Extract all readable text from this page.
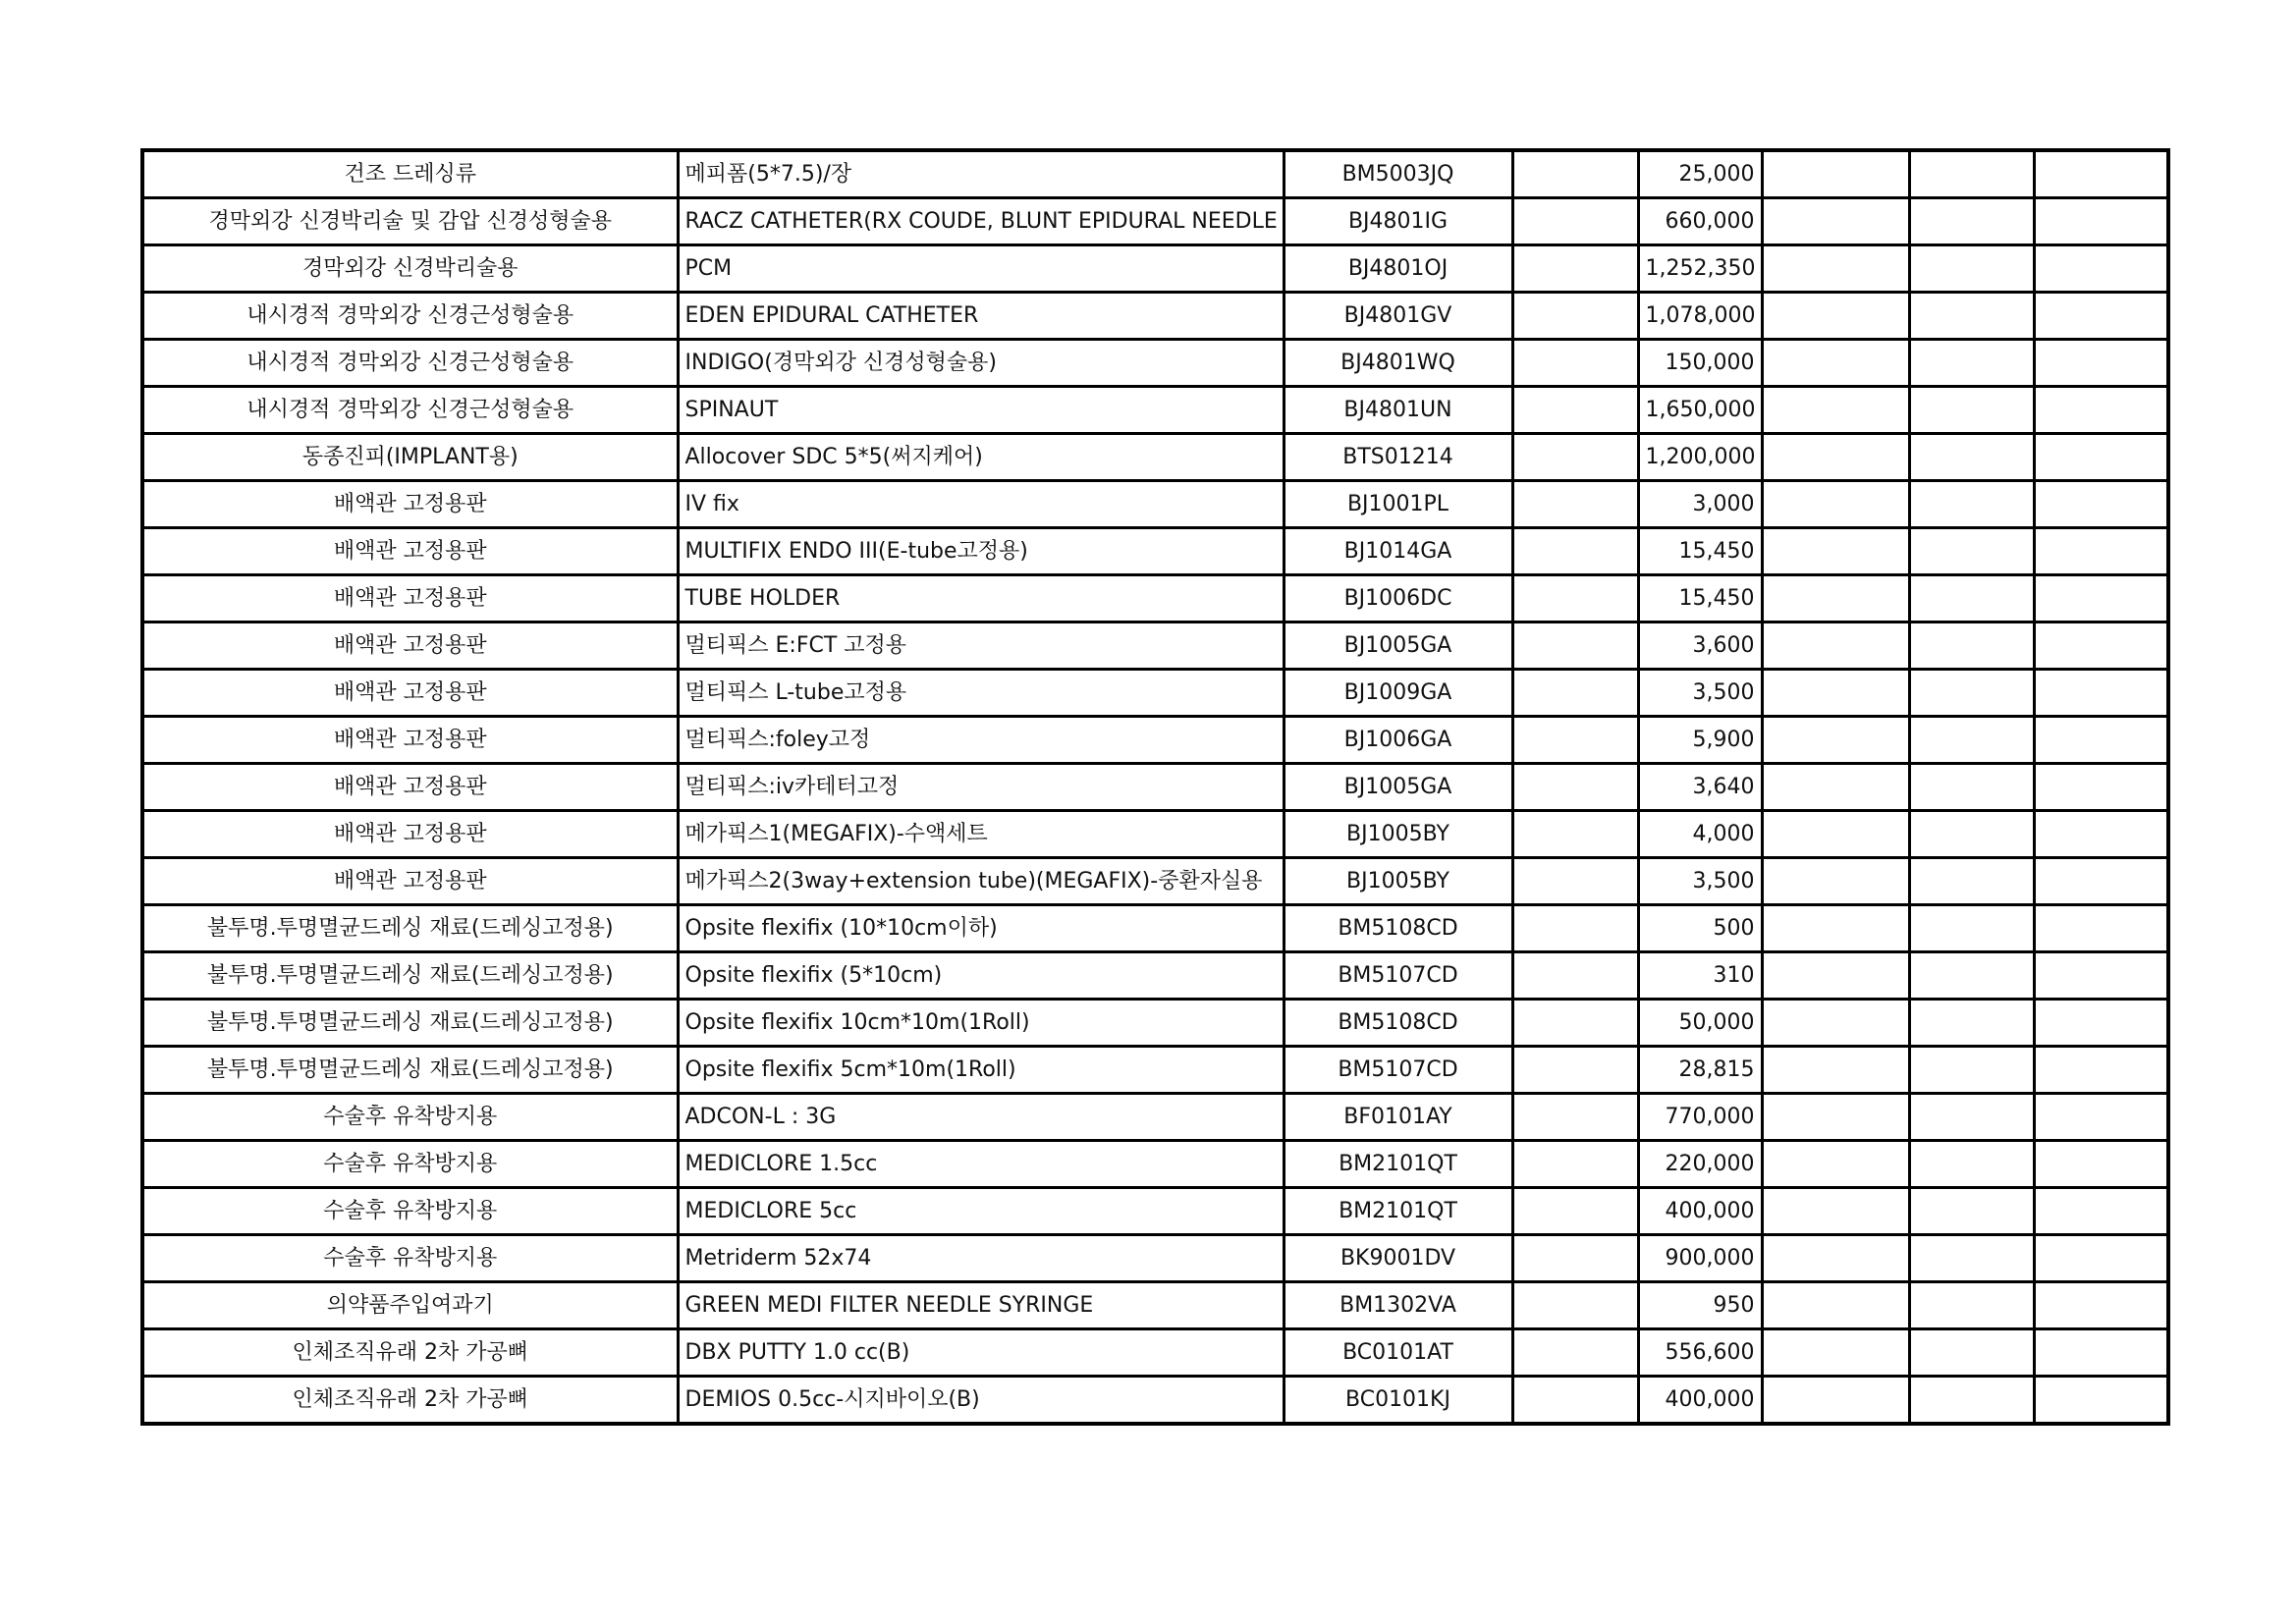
건조 드레싱류	메피폼(5*7.5)/장	BM5003JQ		25,000			
경막외강 신경박리술 및 감압 신경성형술용	RACZ CATHETER(RX COUDE, BLUNT EPIDURAL NEEDLE	BJ4801IG		660,000			
경막외강 신경박리술용	PCM	BJ4801OJ		1,252,350			
내시경적 경막외강 신경근성형술용	EDEN EPIDURAL CATHETER	BJ4801GV		1,078,000			
내시경적 경막외강 신경근성형술용	INDIGO(경막외강 신경성형술용)	BJ4801WQ		150,000			
내시경적 경막외강 신경근성형술용	SPINAUT	BJ4801UN		1,650,000			
동종진피(IMPLANT용)	Allocover SDC 5*5(써지케어)	BTS01214		1,200,000			
배액관 고정용판	IV fix	BJ1001PL		3,000			
배액관 고정용판	MULTIFIX ENDO III(E-tube고정용)	BJ1014GA		15,450			
배액관 고정용판	TUBE HOLDER	BJ1006DC		15,450			
배액관 고정용판	멀티픽스 E:FCT 고정용	BJ1005GA		3,600			
배액관 고정용판	멀티픽스 L-tube고정용	BJ1009GA		3,500			
배액관 고정용판	멀티픽스:foley고정	BJ1006GA		5,900			
배액관 고정용판	멀티픽스:iv카테터고정	BJ1005GA		3,640			
배액관 고정용판	메가픽스1(MEGAFIX)-수액세트	BJ1005BY		4,000			
배액관 고정용판	메가픽스2(3way+extension tube)(MEGAFIX)-중환자실용	BJ1005BY		3,500			
불투명.투명멸균드레싱 재료(드레싱고정용)	Opsite flexifix (10*10cm이하)	BM5108CD		500			
불투명.투명멸균드레싱 재료(드레싱고정용)	Opsite flexifix (5*10cm)	BM5107CD		310			
불투명.투명멸균드레싱 재료(드레싱고정용)	Opsite flexifix 10cm*10m(1Roll)	BM5108CD		50,000			
불투명.투명멸균드레싱 재료(드레싱고정용)	Opsite flexifix 5cm*10m(1Roll)	BM5107CD		28,815			
수술후 유착방지용	ADCON-L : 3G	BF0101AY		770,000			
수술후 유착방지용	MEDICLORE 1.5cc	BM2101QT		220,000			
수술후 유착방지용	MEDICLORE 5cc	BM2101QT		400,000			
수술후 유착방지용	Metriderm 52x74	BK9001DV		900,000			
의약품주입여과기	GREEN MEDI FILTER NEEDLE SYRINGE	BM1302VA		950			
인체조직유래 2차 가공뼈	DBX PUTTY 1.0 cc(B)	BC0101AT		556,600			
인체조직유래 2차 가공뼈	DEMIOS 0.5cc-시지바이오(B)	BC0101KJ		400,000			
